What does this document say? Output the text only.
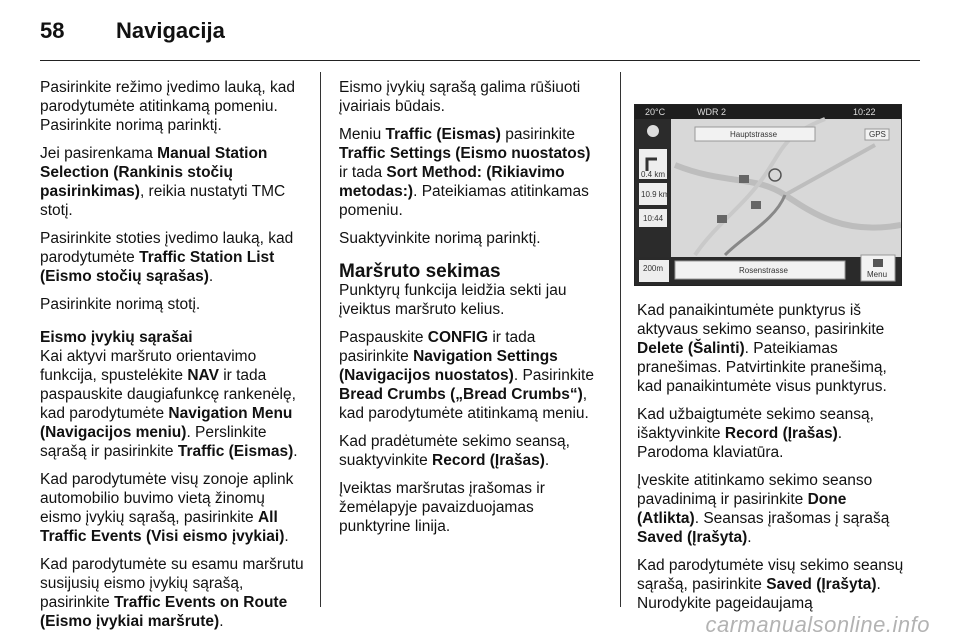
58 Navigacija

Pasirinkite režimo įvedimo lauką, kad parodytumėte atitinkamą pomeniu. Pasirinkite norimą parinktį.

Jei pasirenkama Manual Station Selection (Rankinis stočių pasirinkimas), reikia nustatyti TMC stotį.

Pasirinkite stoties įvedimo lauką, kad parodytumėte Traffic Station List (Eismo stočių sąrašas).

Pasirinkite norimą stotį.

Eismo įvykių sąrašai

Kai aktyvi maršruto orientavimo funkcija, spustelėkite NAV ir tada paspauskite daugiafunkcę rankenėlę, kad parodytumėte Navigation Menu (Navigacijos meniu). Perslinkite sąrašą ir pasirinkite Traffic (Eismas).

Kad parodytumėte visų zonoje aplink automobilio buvimo vietą žinomų eismo įvykių sąrašą, pasirinkite All Traffic Events (Visi eismo įvykiai).

Kad parodytumėte su esamu maršrutu susijusių eismo įvykių sąrašą, pasirinkite Traffic Events on Route (Eismo įvykiai maršrute).

Eismo įvykių sąrašą galima rūšiuoti įvairiais būdais.

Meniu Traffic (Eismas) pasirinkite Traffic Settings (Eismo nuostatos) ir tada Sort Method: (Rikiavimo metodas:). Pateikiamas atitinkamas pomeniu.

Suaktyvinkite norimą parinktį.

Maršruto sekimas

Punktyrų funkcija leidžia sekti jau įveiktus maršruto kelius.

Paspauskite CONFIG ir tada pasirinkite Navigation Settings (Navigacijos nuostatos). Pasirinkite Bread Crumbs („Bread Crumbs“), kad parodytumėte atitinkamą meniu.

Kad pradėtumėte sekimo seansą, suaktyvinkite Record (Įrašas).

Įveiktas maršrutas įrašomas ir žemėlapyje pavaizduojamas punktyrine linija.

20°C	WDR 2	10:22
Hauptstrasse	GPS
0.4 km
10.9 km
10:44
200m	Rosenstrasse	Menu

Kad panaikintumėte punktyrus iš aktyvaus sekimo seanso, pasirinkite Delete (Šalinti). Pateikiamas pranešimas. Patvirtinkite pranešimą, kad panaikintumėte visus punktyrus.

Kad užbaigtumėte sekimo seansą, išaktyvinkite Record (Įrašas). Parodoma klaviatūra.

Įveskite atitinkamo sekimo seanso pavadinimą ir pasirinkite Done (Atlikta). Seansas įrašomas į sąrašą Saved (Įrašyta).

Kad parodytumėte visų sekimo seansų sąrašą, pasirinkite Saved (Įrašyta). Nurodykite pageidaujamą

carmanualsonline.info
